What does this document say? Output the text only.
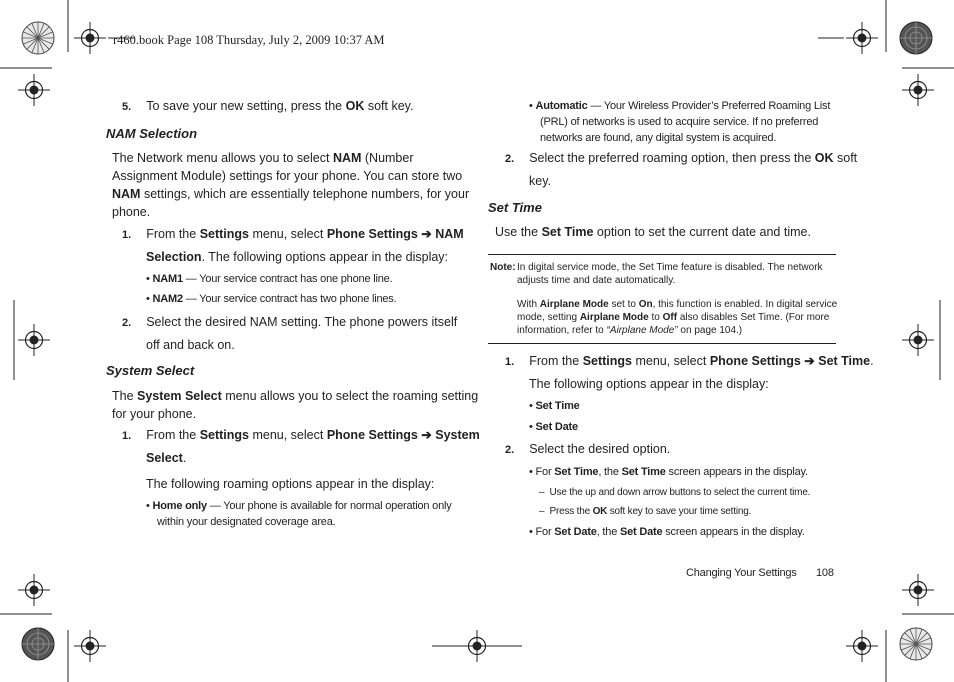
r460.book Page 108 Thursday, July 2, 2009 10:37 AM
5. To save your new setting, press the OK soft key.
NAM Selection
The Network menu allows you to select NAM (Number
Assignment Module) settings for your phone. You can store two
NAM settings, which are essentially telephone numbers, for your
phone.
1. From the Settings menu, select Phone Settings ➔ NAM
Selection. The following options appear in the display:
• NAM1 — Your service contract has one phone line.
• NAM2 — Your service contract has two phone lines.
2. Select the desired NAM setting. The phone powers itself
off and back on.
System Select
The System Select menu allows you to select the roaming setting
for your phone.
1. From the Settings menu, select Phone Settings ➔ System
Select.
The following roaming options appear in the display:
• Home only — Your phone is available for normal operation only
within your designated coverage area.
• Automatic — Your Wireless Provider’s Preferred Roaming List
(PRL) of networks is used to acquire service. If no preferred
networks are found, any digital system is acquired.
2. Select the preferred roaming option, then press the OK soft
key.
Set Time
Use the Set Time option to set the current date and time.
Note: In digital service mode, the Set Time feature is disabled. The network
adjusts time and date automatically.
With Airplane Mode set to On, this function is enabled. In digital service
mode, setting Airplane Mode to Off also disables Set Time. (For more
information, refer to “Airplane Mode” on page 104.)
1. From the Settings menu, select Phone Settings ➔ Set Time.
The following options appear in the display:
• Set Time
• Set Date
2. Select the desired option.
• For Set Time, the Set Time screen appears in the display.
–  Use the up and down arrow buttons to select the current time.
–  Press the OK soft key to save your time setting.
• For Set Date, the Set Date screen appears in the display.
Changing Your Settings 108
